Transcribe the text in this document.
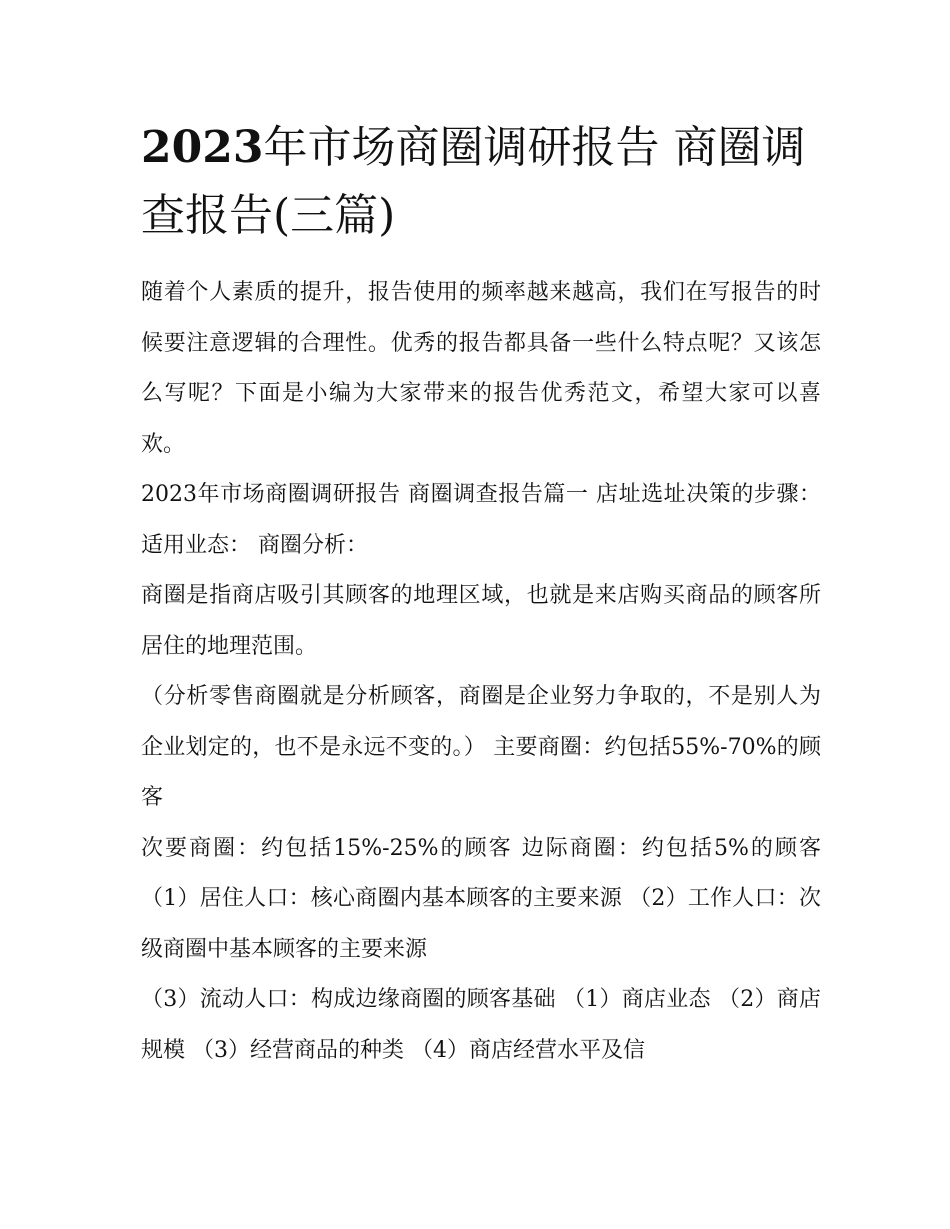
2023年市场商圈调研报告 商圈调查报告(三篇)

随着个人素质的提升，报告使用的频率越来越高，我们在写报告的时候要注意逻辑的合理性。优秀的报告都具备一些什么特点呢？又该怎么写呢？下面是小编为大家带来的报告优秀范文，希望大家可以喜欢。

2023年市场商圈调研报告 商圈调查报告篇一 店址选址决策的步骤： 适用业态： 商圈分析：

商圈是指商店吸引其顾客的地理区域，也就是来店购买商品的顾客所居住的地理范围。

（分析零售商圈就是分析顾客，商圈是企业努力争取的，不是别人为企业划定的，也不是永远不变的。） 主要商圈：约包括55%-70%的顾客

次要商圈：约包括15%-25%的顾客 边际商圈：约包括5%的顾客 （1）居住人口：核心商圈内基本顾客的主要来源 （2）工作人口：次级商圈中基本顾客的主要来源

（3）流动人口：构成边缘商圈的顾客基础 （1）商店业态 （2）商店规模 （3）经营商品的种类 （4）商店经营水平及信
